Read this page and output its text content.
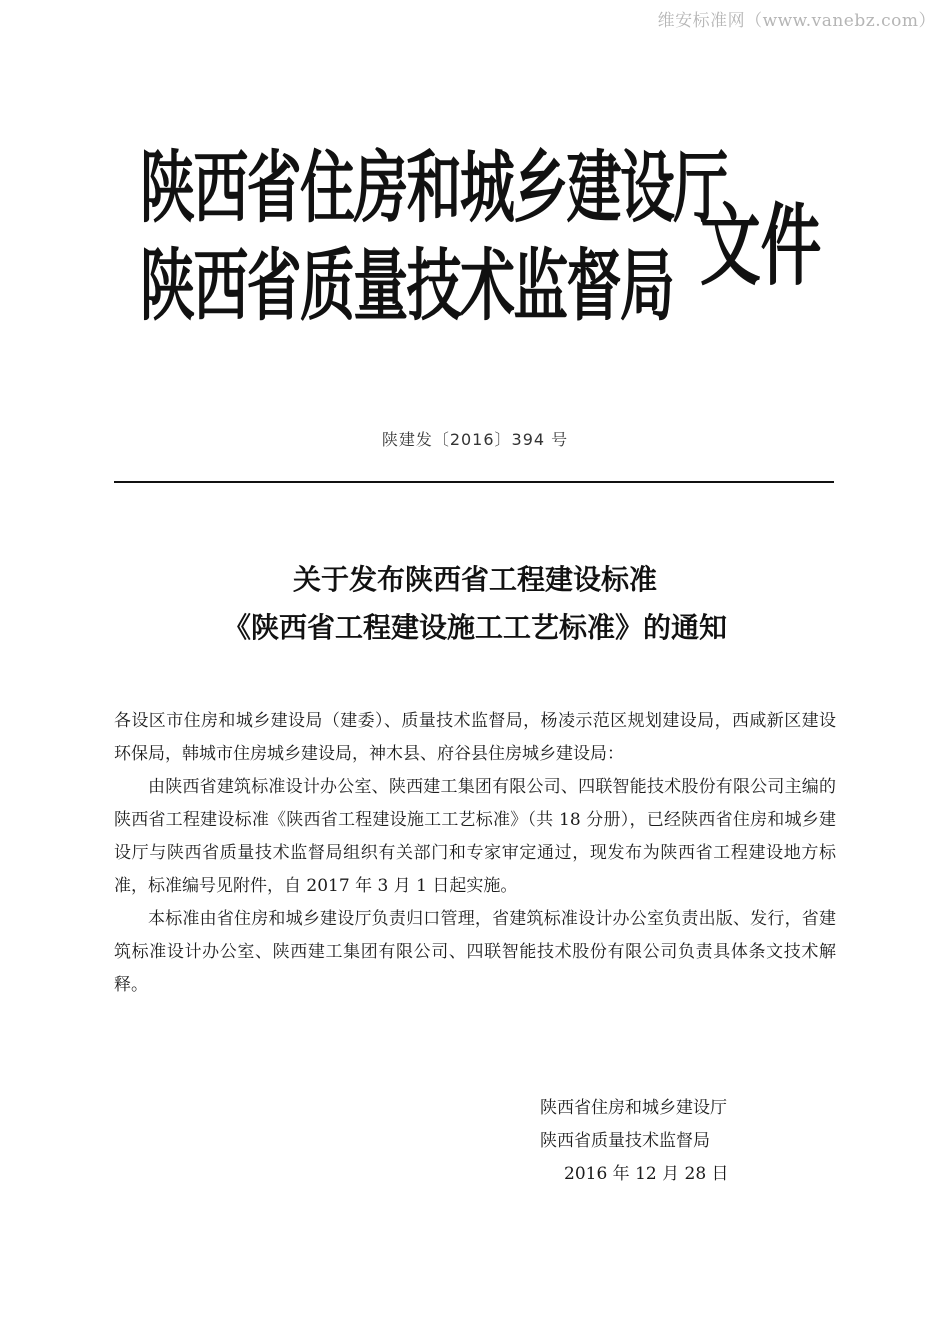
维安标准网（www.vanebz.com）
陕西省住房和城乡建设厅
陕西省质量技术监督局 文件
陕建发〔2016〕394 号
关于发布陕西省工程建设标准
《陕西省工程建设施工工艺标准》的通知

各设区市住房和城乡建设局（建委）、质量技术监督局，杨凌示范区规划建设局，西咸新区建设环保局，韩城市住房城乡建设局，神木县、府谷县住房城乡建设局：

由陕西省建筑标准设计办公室、陕西建工集团有限公司、四联智能技术股份有限公司主编的陕西省工程建设标准《陕西省工程建设施工工艺标准》（共 18 分册），已经陕西省住房和城乡建设厅与陕西省质量技术监督局组织有关部门和专家审定通过，现发布为陕西省工程建设地方标准，标准编号见附件，自 2017 年 3 月 1 日起实施。

本标准由省住房和城乡建设厅负责归口管理，省建筑标准设计办公室负责出版、发行，省建筑标准设计办公室、陕西建工集团有限公司、四联智能技术股份有限公司负责具体条文技术解释。

陕西省住房和城乡建设厅
陕西省质量技术监督局
2016 年 12 月 28 日
